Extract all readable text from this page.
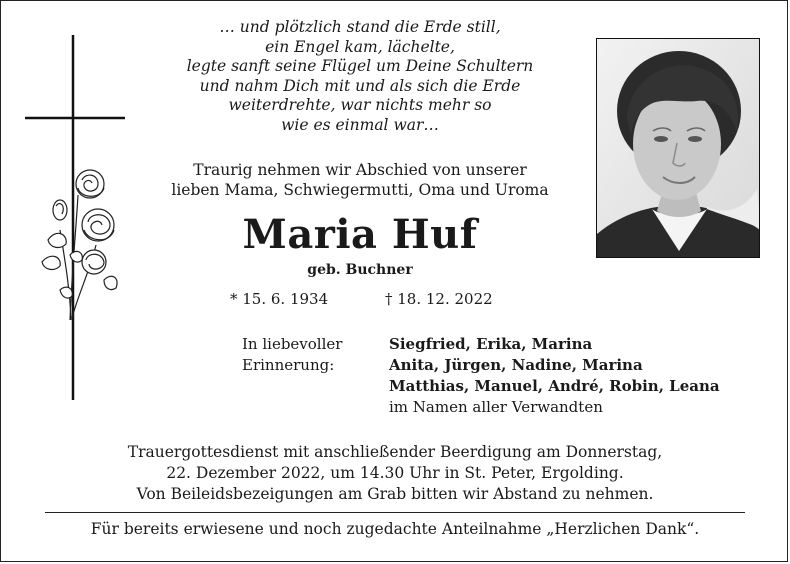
… und plötzlich stand die Erde still,
ein Engel kam, lächelte,
legte sanft seine Flügel um Deine Schultern
und nahm Dich mit und als sich die Erde
weiterdrehte, war nichts mehr so
wie es einmal war…
Traurig nehmen wir Abschied von unserer
lieben Mama, Schwiegermutti, Oma und Uroma
Maria Huf
geb. Buchner
* 15. 6. 1934	† 18. 12. 2022
In liebevoller
Erinnerung:
Siegfried, Erika, Marina
Anita, Jürgen, Nadine, Marina
Matthias, Manuel, André, Robin, Leana
im Namen aller Verwandten
Trauergottesdienst mit anschließender Beerdigung am Donnerstag,
22. Dezember 2022, um 14.30 Uhr in St. Peter, Ergolding.
Von Beileidsbezeigungen am Grab bitten wir Abstand zu nehmen.
Für bereits erwiesene und noch zugedachte Anteilnahme „Herzlichen Dank“.
